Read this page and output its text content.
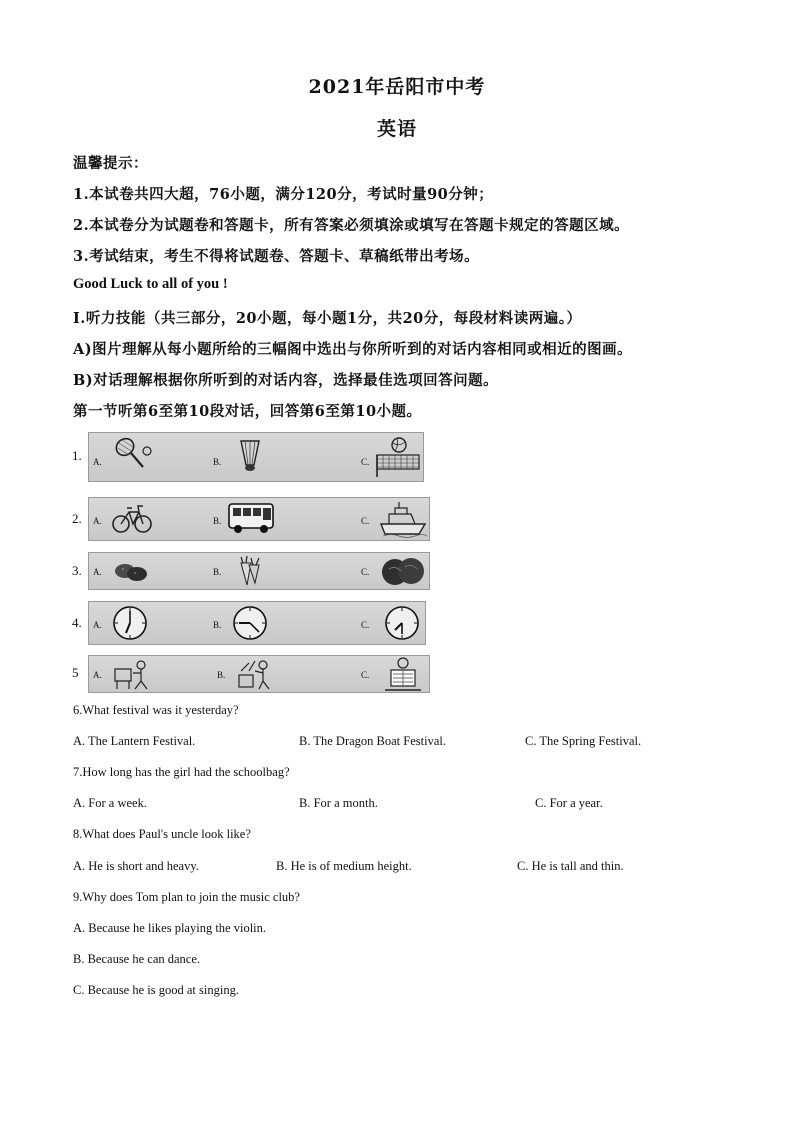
2021年岳阳市中考
英语
温馨提示：
1.本试卷共四大超，76小题，满分120分，考试时量90分钟；
2.本试卷分为试题卷和答题卡，所有答案必须填涂或填写在答题卡规定的答题区域。
3.考试结束，考生不得将试题卷、答题卡、草稿纸带出考场。
Good Luck to all of you !
I.听力技能（共三部分，20小题，每小题1分，共20分，每段材料读两遍。）
A)图片理解从每小题所给的三幅阁中选出与你所听到的对话内容相同或相近的图画。
B)对话理解根据你所听到的对话内容，选择最佳选项回答问题。
第一节听第6至第10段对话，回答第6至第10小题。
1. A.	B.	C.
2. A.	B.	C.
3. A.	B.	C.
4. A.	B.	C.
5 A.	B.	C.
6.What festival was it yesterday?
A. The Lantern Festival.	B. The Dragon Boat Festival.	C. The Spring Festival.
7.How long has the girl had the schoolbag?
A. For a week.	B. For a month.	C. For a year.
8.What does Paul's uncle look like?
A. He is short and heavy.	B. He is of medium height.	C. He is tall and thin.
9.Why does Tom plan to join the music club?
A. Because he likes playing the violin.
B. Because he can dance.
C. Because he is good at singing.
